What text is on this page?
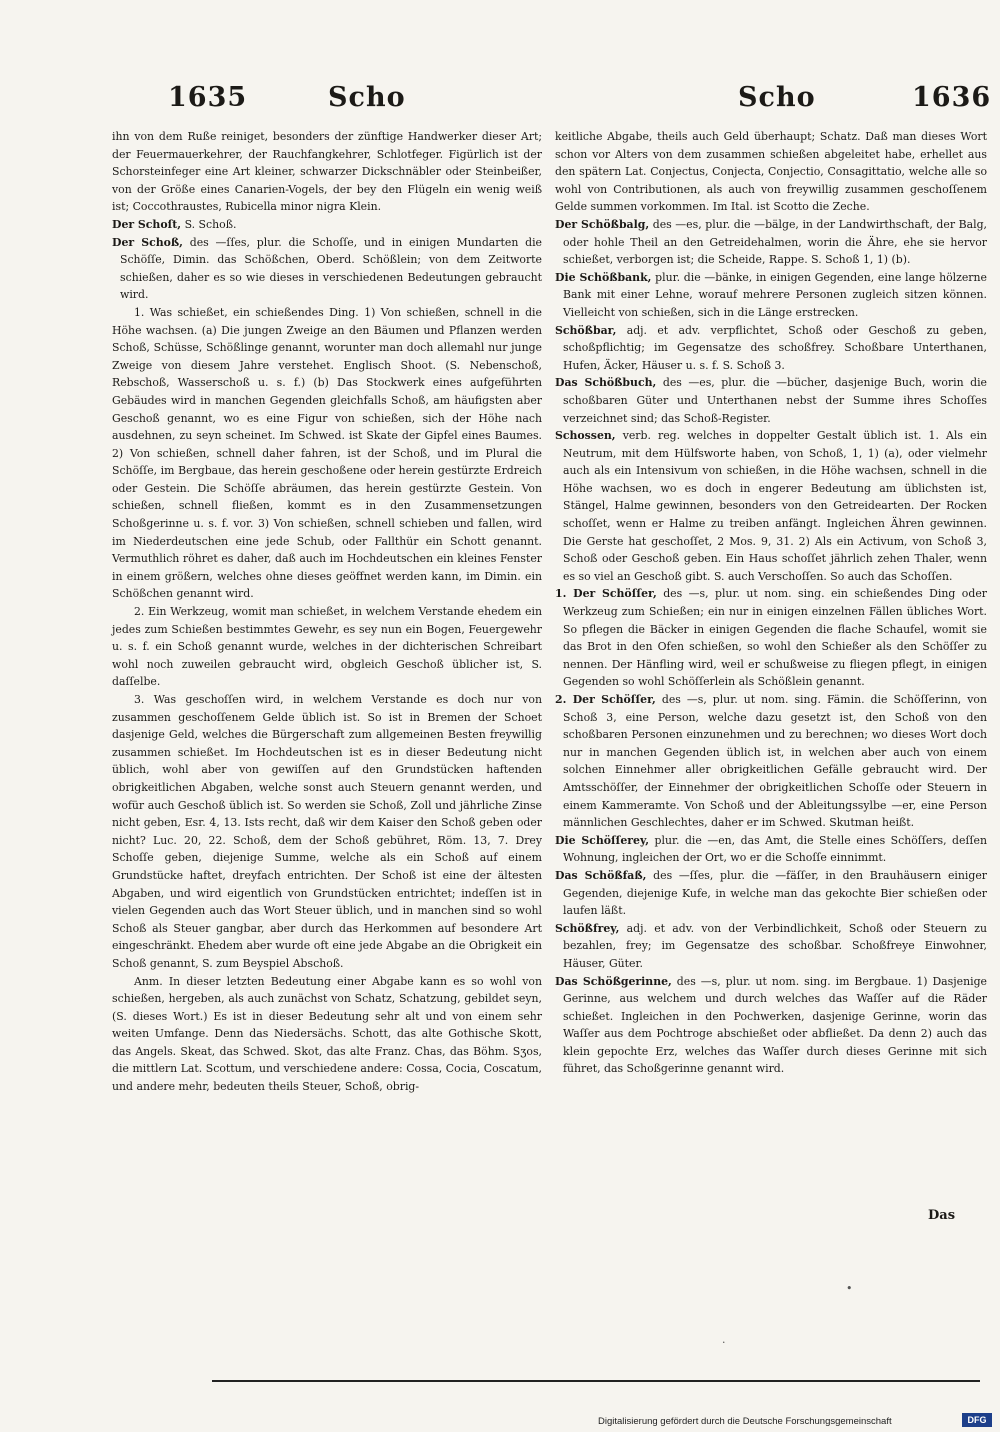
1635	Scho	Scho	1636

ihn von dem Ruße reiniget, besonders der zünftige Handwerker dieser Art; der Feuermauerkehrer, der Rauchfangkehrer, Schlotfeger. Figürlich ist der Schorsteinfeger eine Art kleiner, schwarzer Dickschnäbler oder Steinbeißer, von der Größe eines Canarien-Vogels, der bey den Flügeln ein wenig weiß ist; Coccothraustes, Rubicella minor nigra Klein.

Der Schoſt, S. Schoß.

Der Schoß, des —ſſes, plur. die Schoſſe, und in einigen Mundarten die Schöſſe, Dimin. das Schößchen, Oberd. Schößlein; von dem Zeitworte schießen, daher es so wie dieses in verschiedenen Bedeutungen gebraucht wird.

1. Was schießet, ein schießendes Ding. 1) Von schießen, schnell in die Höhe wachsen. (a) Die jungen Zweige an den Bäumen und Pflanzen werden Schoß, Schüsse, Schößlinge genannt, worunter man doch allemahl nur junge Zweige von diesem Jahre verstehet. Englisch Shoot. (S. Nebenschoß, Rebschoß, Wasserschoß u. s. f.) (b) Das Stockwerk eines aufgeführten Gebäudes wird in manchen Gegenden gleichfalls Schoß, am häufigsten aber Geschoß genannt, wo es eine Figur von schießen, sich der Höhe nach ausdehnen, zu seyn scheinet. Im Schwed. ist Skate der Gipfel eines Baumes. 2) Von schießen, schnell daher fahren, ist der Schoß, und im Plural die Schöſſe, im Bergbaue, das herein geschoßene oder herein gestürzte Erdreich oder Gestein. Die Schöſſe abräumen, das herein gestürzte Gestein. Von schießen, schnell fließen, kommt es in den Zusammensetzungen Schoßgerinne u. s. f. vor. 3) Von schießen, schnell schieben und fallen, wird im Niederdeutschen eine jede Schub, oder Fallthür ein Schott genannt. Vermuthlich röhret es daher, daß auch im Hochdeutschen ein kleines Fenster in einem größern, welches ohne dieses geöffnet werden kann, im Dimin. ein Schößchen genannt wird.

2. Ein Werkzeug, womit man schießet, in welchem Verstande ehedem ein jedes zum Schießen bestimmtes Gewehr, es sey nun ein Bogen, Feuergewehr u. s. f. ein Schoß genannt wurde, welches in der dichterischen Schreibart wohl noch zuweilen gebraucht wird, obgleich Geschoß üblicher ist, S. daſſelbe.

3. Was geschoſſen wird, in welchem Verstande es doch nur von zusammen geschoſſenem Gelde üblich ist. So ist in Bremen der Schoet dasjenige Geld, welches die Bürgerschaft zum allgemeinen Besten freywillig zusammen schießet. Im Hochdeutschen ist es in dieser Bedeutung nicht üblich, wohl aber von gewiſſen auf den Grundstücken haftenden obrigkeitlichen Abgaben, welche sonst auch Steuern genannt werden, und wofür auch Geschoß üblich ist. So werden sie Schoß, Zoll und jährliche Zinse nicht geben, Esr. 4, 13. Ists recht, daß wir dem Kaiser den Schoß geben oder nicht? Luc. 20, 22. Schoß, dem der Schoß gebühret, Röm. 13, 7. Drey Schoſſe geben, diejenige Summe, welche als ein Schoß auf einem Grundstücke haftet, dreyfach entrichten. Der Schoß ist eine der ältesten Abgaben, und wird eigentlich von Grundstücken entrichtet; indeſſen ist in vielen Gegenden auch das Wort Steuer üblich, und in manchen sind so wohl Schoß als Steuer gangbar, aber durch das Herkommen auf besondere Art eingeschränkt. Ehedem aber wurde oft eine jede Abgabe an die Obrigkeit ein Schoß genannt, S. zum Beyspiel Abschoß.

Anm. In dieser letzten Bedeutung einer Abgabe kann es so wohl von schießen, hergeben, als auch zunächst von Schatz, Schatzung, gebildet seyn, (S. dieses Wort.) Es ist in dieser Bedeutung sehr alt und von einem sehr weiten Umfange. Denn das Niedersächs. Schott, das alte Gothische Skott, das Angels. Skeat, das Schwed. Skot, das alte Franz. Chas, das Böhm. Sʒos, die mittlern Lat. Scottum, und verschiedene andere: Cossa, Cocia, Coscatum, und andere mehr, bedeuten theils Steuer, Schoß, obrig-

keitliche Abgabe, theils auch Geld überhaupt; Schatz. Daß man dieses Wort schon vor Alters von dem zusammen schießen abgeleitet habe, erhellet aus den spätern Lat. Conjectus, Conjecta, Conjectio, Consagittatio, welche alle so wohl von Contributionen, als auch von freywillig zusammen geschoſſenem Gelde summen vorkommen. Im Ital. ist Scotto die Zeche.

Der Schößbalg, des —es, plur. die —bälge, in der Landwirthschaft, der Balg, oder hohle Theil an den Getreidehalmen, worin die Ähre, ehe sie hervor schießet, verborgen ist; die Scheide, Rappe. S. Schoß 1, 1) (b).

Die Schößbank, plur. die —bänke, in einigen Gegenden, eine lange hölzerne Bank mit einer Lehne, worauf mehrere Personen zugleich sitzen können. Vielleicht von schießen, sich in die Länge erstrecken.

Schößbar, adj. et adv. verpflichtet, Schoß oder Geschoß zu geben, schoßpflichtig; im Gegensatze des schoßfrey. Schoßbare Unterthanen, Hufen, Äcker, Häuser u. s. f. S. Schoß 3.

Das Schößbuch, des —es, plur. die —bücher, dasjenige Buch, worin die schoßbaren Güter und Unterthanen nebst der Summe ihres Schoſſes verzeichnet sind; das Schoß-Register.

Schossen, verb. reg. welches in doppelter Gestalt üblich ist. 1. Als ein Neutrum, mit dem Hülfsworte haben, von Schoß, 1, 1) (a), oder vielmehr auch als ein Intensivum von schießen, in die Höhe wachsen, schnell in die Höhe wachsen, wo es doch in engerer Bedeutung am üblichsten ist, Stängel, Halme gewinnen, besonders von den Getreidearten. Der Rocken schoſſet, wenn er Halme zu treiben anfängt. Ingleichen Ähren gewinnen. Die Gerste hat geschoſſet, 2 Mos. 9, 31. 2) Als ein Activum, von Schoß 3, Schoß oder Geschoß geben. Ein Haus schoſſet jährlich zehen Thaler, wenn es so viel an Geschoß gibt. S. auch Verschoſſen. So auch das Schoſſen.

1. Der Schöſſer, des —s, plur. ut nom. sing. ein schießendes Ding oder Werkzeug zum Schießen; ein nur in einigen einzelnen Fällen übliches Wort. So pflegen die Bäcker in einigen Gegenden die flache Schaufel, womit sie das Brot in den Ofen schießen, so wohl den Schießer als den Schöſſer zu nennen. Der Hänfling wird, weil er schußweise zu fliegen pflegt, in einigen Gegenden so wohl Schöſſerlein als Schößlein genannt.

2. Der Schöſſer, des —s, plur. ut nom. sing. Fämin. die Schöſſerinn, von Schoß 3, eine Person, welche dazu gesetzt ist, den Schoß von den schoßbaren Personen einzunehmen und zu berechnen; wo dieses Wort doch nur in manchen Gegenden üblich ist, in welchen aber auch von einem solchen Einnehmer aller obrigkeitlichen Gefälle gebraucht wird. Der Amtsschöſſer, der Einnehmer der obrigkeitlichen Schoſſe oder Steuern in einem Kammeramte. Von Schoß und der Ableitungssylbe —er, eine Person männlichen Geschlechtes, daher er im Schwed. Skutman heißt.

Die Schöſſerey, plur. die —en, das Amt, die Stelle eines Schöſſers, deſſen Wohnung, ingleichen der Ort, wo er die Schoſſe einnimmt.

Das Schößfaß, des —ſſes, plur. die —fäſſer, in den Brauhäusern einiger Gegenden, diejenige Kufe, in welche man das gekochte Bier schießen oder laufen läßt.

Schößfrey, adj. et adv. von der Verbindlichkeit, Schoß oder Steuern zu bezahlen, frey; im Gegensatze des schoßbar. Schoßfreye Einwohner, Häuser, Güter.

Das Schößgerinne, des —s, plur. ut nom. sing. im Bergbaue. 1) Dasjenige Gerinne, aus welchem und durch welches das Waſſer auf die Räder schießet. Ingleichen in den Pochwerken, dasjenige Gerinne, worin das Waſſer aus dem Pochtroge abschießet oder abfließet. Da denn 2) auch das klein gepochte Erz, welches das Waſſer durch dieses Gerinne mit sich führet, das Schoßgerinne genannt wird.

Das
•
·
Digitalisierung gefördert durch die Deutsche Forschungsgemeinschaft	DFG
